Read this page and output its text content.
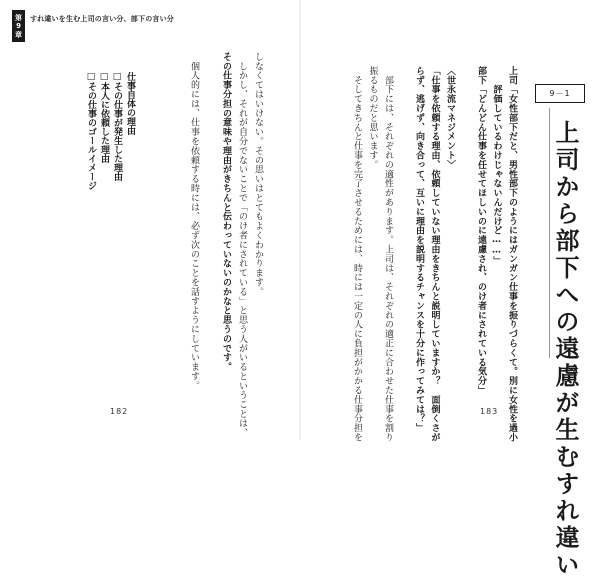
第9章	すれ違いを生む上司の言い分、部下の言い分
9－1
上司から部下への遠慮が生むすれ違い
上司「女性部下だと、男性部下のようにはガンガン仕事を振りづらくて。別に女性を過小
　　評価しているわけじゃないんだけど……」
部下「どんどん仕事を任せてほしいのに遠慮され、のけ者にされている気分」
〈世永流マネジメント〉
「仕事を依頼する理由、依頼していない理由をきちんと説明していますか？　面倒くさが
らず、逃げず、向き合って、互いに理由を説明するチャンスを十分に作ってみては？」
　部下には、それぞれの適性があります。上司は、それぞれの適正に合わせた仕事を割り
振るものだと思います。
　そしてきちんと仕事を完了させるためには、時には一定の人に負担がかかる仕事分担を	183
しなくてはいけない。その思いはとてもよくわかります。
　しかし、それが自分でないことで「のけ者にされている」と思う人がいるということは、
その仕事分担の意味や理由がきちんと伝わっていないのかなと思うのです。
　個人的には、仕事を依頼する時には、必ず次のことを話すようにしています。
仕事自体の理由
□その仕事が発生した理由
□本人に依頼した理由
□その仕事のゴールイメージ
182
